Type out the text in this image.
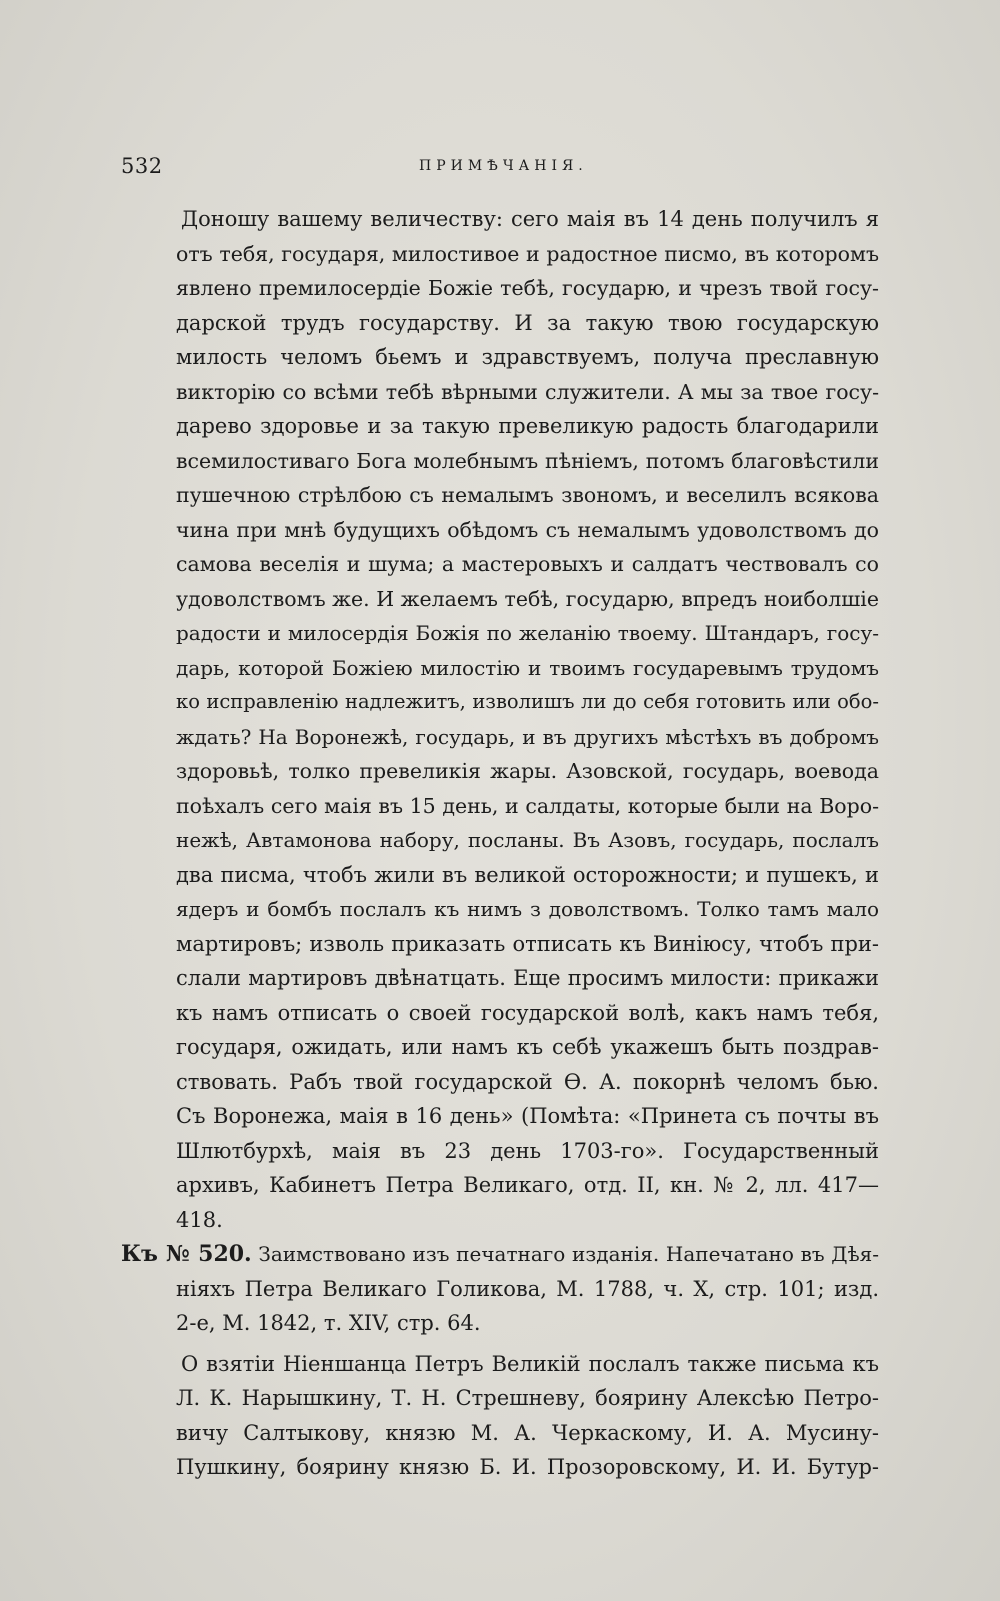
532	ПРИМѢЧАНІЯ.
Доношу вашему величеству: сего маія въ 14 день получилъ я
отъ тебя, государя, милостивое и радостное писмо, въ которомъ
явлено премилосердіе Божіе тебѣ, государю, и чрезъ твой госу-
дарской трудъ государству. И за такую твою государскую
милость челомъ бьемъ и здравствуемъ, получа преславную
викторію со всѣми тебѣ вѣрными служители. А мы за твое госу-
дарево здоровье и за такую превеликую радость благодарили
всемилостиваго Бога молебнымъ пѣніемъ, потомъ благовѣстили
пушечною стрѣлбою съ немалымъ звономъ, и веселилъ всякова
чина при мнѣ будущихъ обѣдомъ съ немалымъ удоволствомъ до
самова веселія и шума; а мастеровыхъ и салдатъ чествовалъ со
удоволствомъ же. И желаемъ тебѣ, государю, впредъ ноиболшіе
радости и милосердія Божія по желанію твоему. Штандаръ, госу-
дарь, которой Божіею милостію и твоимъ государевымъ трудомъ
ко исправленію надлежитъ, изволишъ ли до себя готовить или обо-
ждать? На Воронежѣ, государь, и въ другихъ мѣстѣхъ въ добромъ
здоровьѣ, толко превеликія жары. Азовской, государь, воевода
поѣхалъ сего маія въ 15 день, и салдаты, которые были на Воро-
нежѣ, Автамонова набору, посланы. Въ Азовъ, государь, послалъ
два писма, чтобъ жили въ великой осторожности; и пушекъ, и
ядеръ и бомбъ послалъ къ нимъ з доволствомъ. Толко тамъ мало
мартировъ; изволь приказать отписать къ Виніюсу, чтобъ при-
слали мартировъ двѣнатцать. Еще просимъ милости: прикажи
къ намъ отписать о своей государской волѣ, какъ намъ тебя,
государя, ожидать, или намъ къ себѣ укажешъ быть поздрав-
ствовать. Рабъ твой государской Ѳ. А. покорнѣ челомъ бью.
Съ Воронежа, маія в 16 день» (Помѣта: «Принета съ почты въ
Шлютбурхѣ, маія въ 23 день 1703-го». Государственный
архивъ, Кабинетъ Петра Великаго, отд. II, кн. № 2, лл. 417—
418.
Къ № 520. Заимствовано изъ печатнаго изданія. Напечатано въ Дѣя-
ніяхъ Петра Великаго Голикова, М. 1788, ч. X, стр. 101; изд.
2-е, М. 1842, т. XIV, стр. 64.
О взятіи Ніеншанца Петръ Великій послалъ также письма къ
Л. К. Нарышкину, Т. Н. Стрешневу, боярину Алексѣю Петро-
вичу Салтыкову, князю М. А. Черкаскому, И. А. Мусину-
Пушкину, боярину князю Б. И. Прозоровскому, И. И. Бутур-
